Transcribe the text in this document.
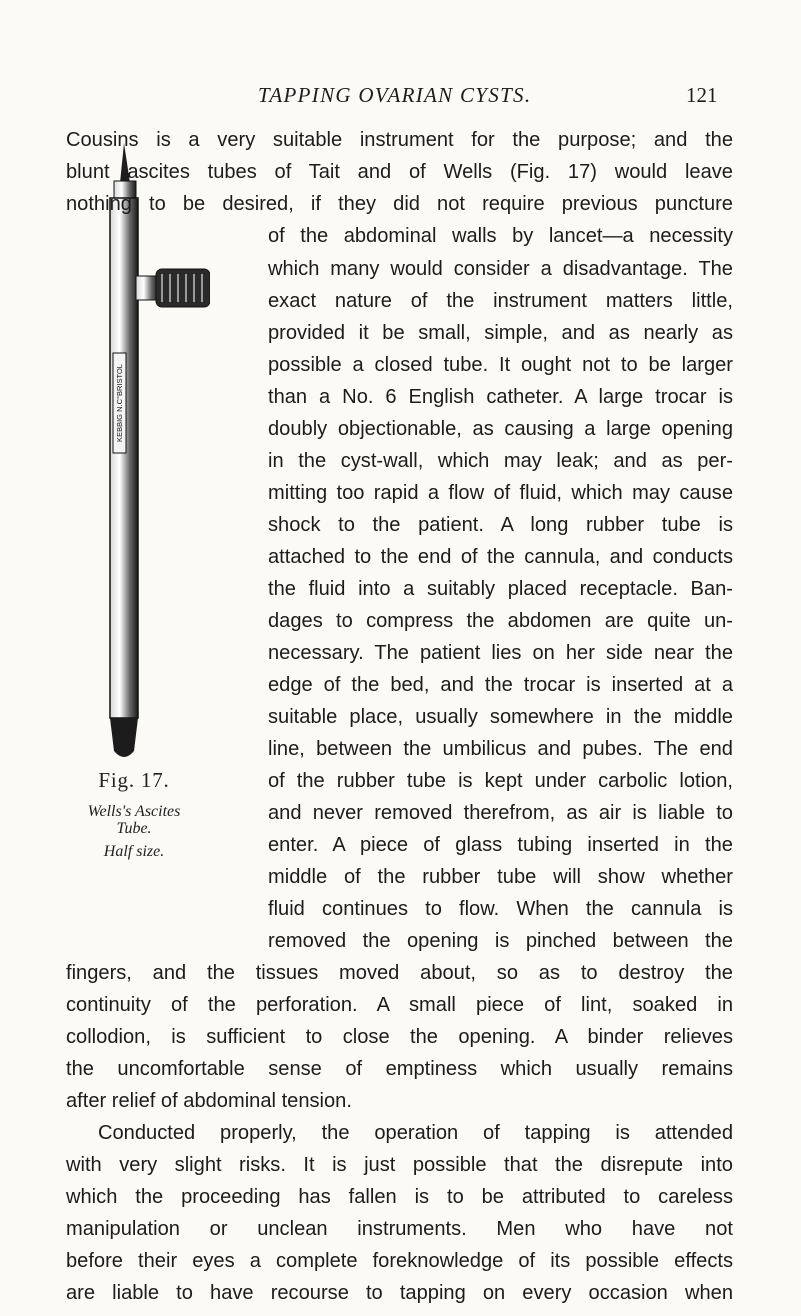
TAPPING OVARIAN CYSTS.	121
KEBBIG N.C°BRISTOL
Fig. 17.
Wells's Ascites Tube.
Half size.
Cousins is a very suitable instrument for the purpose; and the
blunt ascites tubes of Tait and of Wells (Fig. 17) would leave
nothing to be desired, if they did not require previous puncture
of the abdominal walls by lancet—a necessity
which many would consider a disadvantage. The
exact nature of the instrument matters little,
provided it be small, simple, and as nearly as
possible a closed tube. It ought not to be larger
than a No. 6 English catheter. A large trocar is
doubly objectionable, as causing a large opening
in the cyst-wall, which may leak; and as per-
mitting too rapid a flow of fluid, which may cause
shock to the patient. A long rubber tube is
attached to the end of the cannula, and conducts
the fluid into a suitably placed receptacle. Ban-
dages to compress the abdomen are quite un-
necessary. The patient lies on her side near the
edge of the bed, and the trocar is inserted at a
suitable place, usually somewhere in the middle
line, between the umbilicus and pubes. The end
of the rubber tube is kept under carbolic lotion,
and never removed therefrom, as air is liable to
enter. A piece of glass tubing inserted in the
middle of the rubber tube will show whether
fluid continues to flow. When the cannula is
removed the opening is pinched between the
fingers, and the tissues moved about, so as to destroy the
continuity of the perforation. A small piece of lint, soaked in
collodion, is sufficient to close the opening. A binder relieves
the uncomfortable sense of emptiness which usually remains
after relief of abdominal tension.
Conducted properly, the operation of tapping is attended
with very slight risks. It is just possible that the disrepute into
which the proceeding has fallen is to be attributed to careless
manipulation or unclean instruments. Men who have not
before their eyes a complete foreknowledge of its possible effects
are liable to have recourse to tapping on every occasion when
